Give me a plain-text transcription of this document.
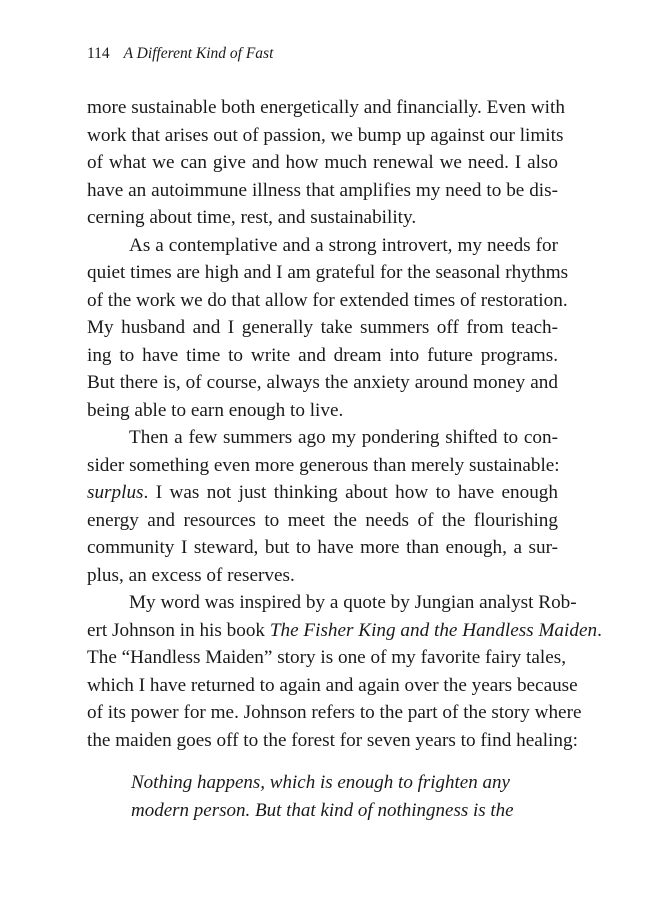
114 A Different Kind of Fast
more sustainable both energetically and financially. Even with
work that arises out of passion, we bump up against our limits
of what we can give and how much renewal we need. I also
have an autoimmune illness that amplifies my need to be dis-
cerning about time, rest, and sustainability.
As a contemplative and a strong introvert, my needs for
quiet times are high and I am grateful for the seasonal rhythms
of the work we do that allow for extended times of restoration.
My husband and I generally take summers off from teach-
ing to have time to write and dream into future programs.
But there is, of course, always the anxiety around money and
being able to earn enough to live.
Then a few summers ago my pondering shifted to con-
sider something even more generous than merely sustainable:
surplus. I was not just thinking about how to have enough
energy and resources to meet the needs of the flourishing
community I steward, but to have more than enough, a sur-
plus, an excess of reserves.
My word was inspired by a quote by Jungian analyst Rob-
ert Johnson in his book The Fisher King and the Handless Maiden.
The “Handless Maiden” story is one of my favorite fairy tales,
which I have returned to again and again over the years because
of its power for me. Johnson refers to the part of the story where
the maiden goes off to the forest for seven years to find healing:
Nothing happens, which is enough to frighten any
modern person. But that kind of nothingness is the
